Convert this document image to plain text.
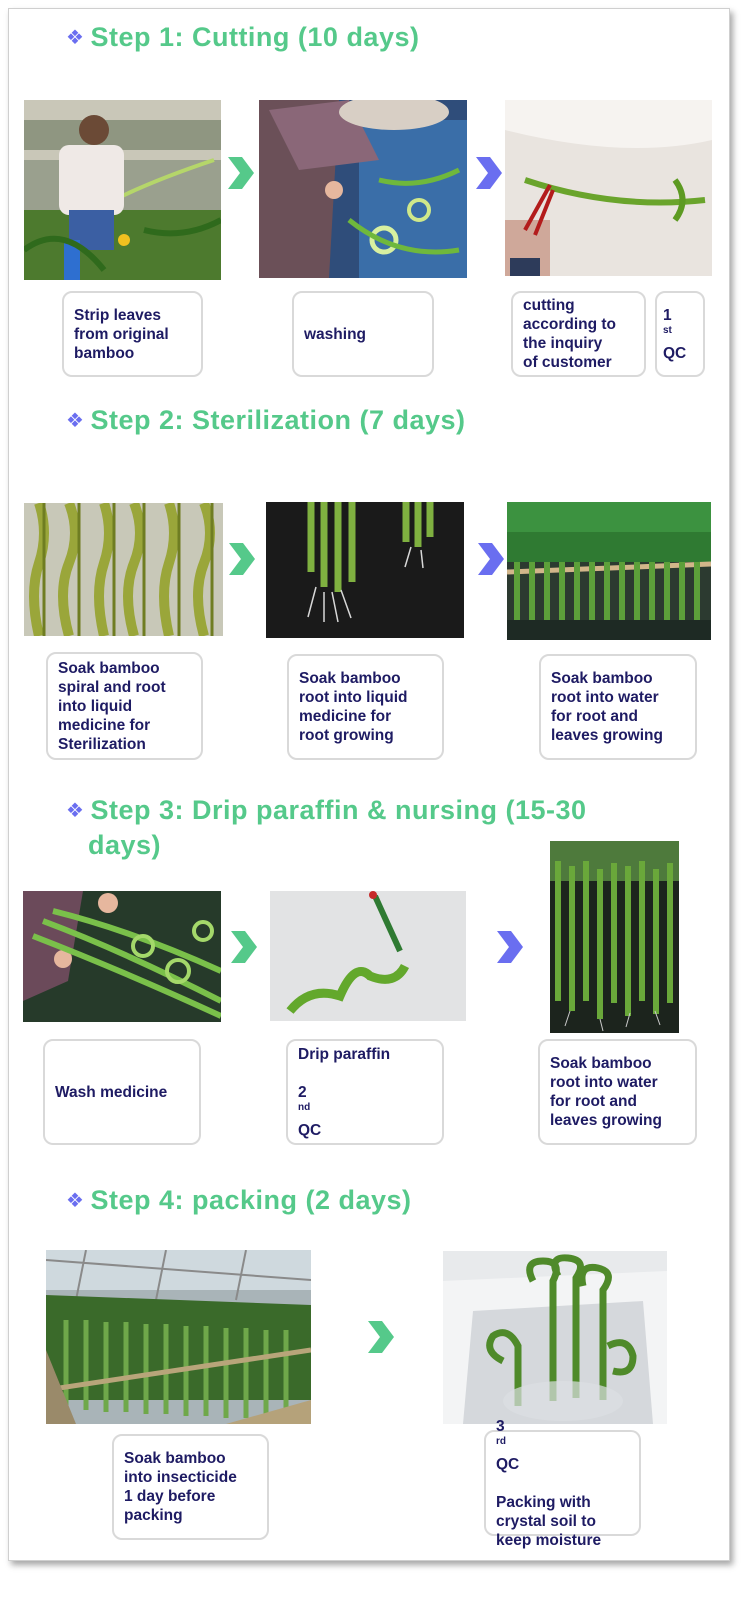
❖ Step 1: Cutting (10 days)
Strip leaves
from original
bamboo
washing
cutting
according to
the inquiry
of customer
1
$^{st}$

QC
❖ Step 2: Sterilization (7 days)
Soak bamboo
spiral and root
into liquid
medicine for
Sterilization
Soak bamboo
root into liquid
medicine for
root growing
Soak bamboo
root into water
for root and
leaves growing
❖ Step 3: Drip paraffin & nursing (15-30
days)
Wash medicine
Drip paraffin

2
$^{nd}$
QC
Soak bamboo
root into water
for root and
leaves growing
❖ Step 4: packing (2 days)
Soak bamboo
into insecticide
1 day before
packing
3
$^{rd}$
QC

Packing with
crystal soil to
keep moisture
